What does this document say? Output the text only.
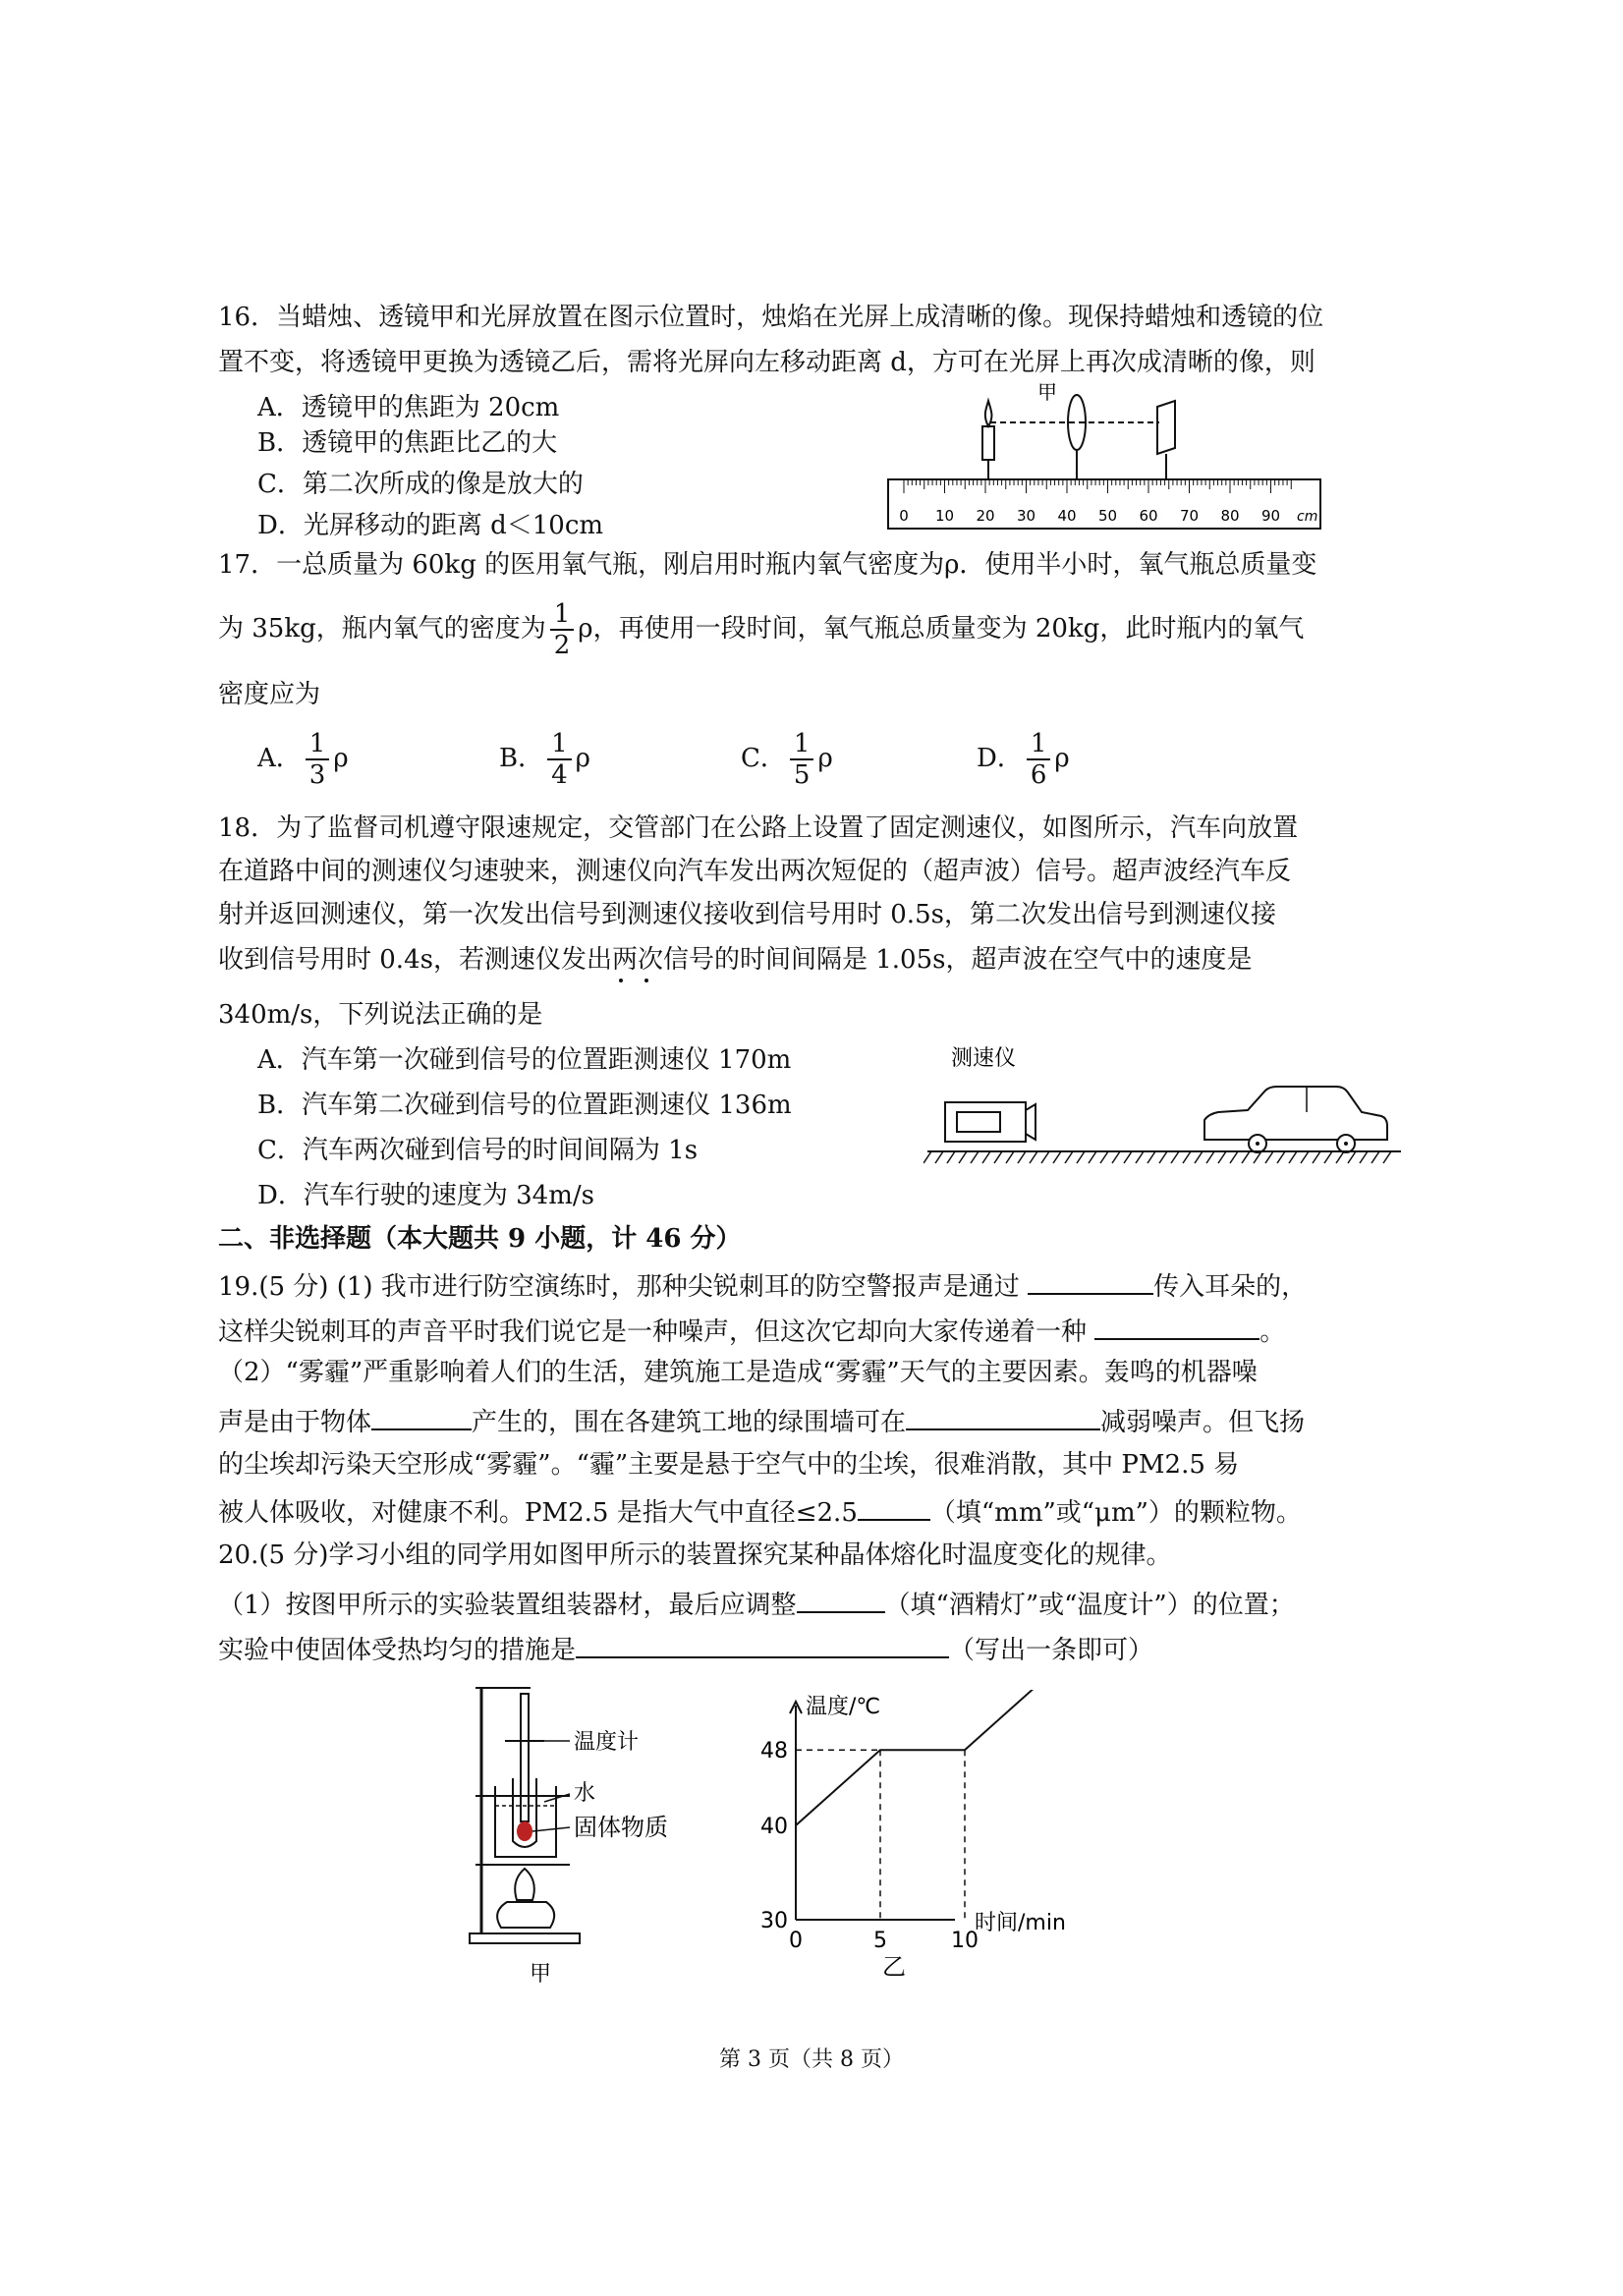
16．当蜡烛、透镜甲和光屏放置在图示位置时，烛焰在光屏上成清晰的像。现保持蜡烛和透镜的位
置不变，将透镜甲更换为透镜乙后，需将光屏向左移动距离 d，方可在光屏上再次成清晰的像，则
A．透镜甲的焦距为 20cm
B．透镜甲的焦距比乙的大
C．第二次所成的像是放大的
D．光屏移动的距离 d＜10cm
甲
0 10 20 30 40 50 60 70 80 90 cm
17．一总质量为 60kg 的医用氧气瓶，刚启用时瓶内氧气密度为ρ．使用半小时，氧气瓶总质量变
为 35kg，瓶内氧气的密度为 $\frac{1}{2}$ ρ，再使用一段时间，氧气瓶总质量变为 20kg，此时瓶内的氧气
密度应为
A． $\frac{1}{3}$ ρ	B． $\frac{1}{4}$ ρ	C． $\frac{1}{5}$ ρ	D． $\frac{1}{6}$ ρ
18．为了监督司机遵守限速规定，交管部门在公路上设置了固定测速仪，如图所示，汽车向放置
在道路中间的测速仪匀速驶来，测速仪向汽车发出两次短促的（超声波）信号。超声波经汽车反
射并返回测速仪，第一次发出信号到测速仪接收到信号用时 0.5s，第二次发出信号到测速仪接
收到信号用时 0.4s，若测速仪发出两次信号的时间间隔是 1.05s，超声波在空气中的速度是
340m/s，下列说法正确的是
A．汽车第一次碰到信号的位置距测速仪 170m
B．汽车第二次碰到信号的位置距测速仪 136m
C．汽车两次碰到信号的时间间隔为 1s
D．汽车行驶的速度为 34m/s
测速仪
二、非选择题（本大题共 9 小题，计 46 分）
19.(5 分) (1) 我市进行防空演练时，那种尖锐刺耳的防空警报声是通过	传入耳朵的，
这样尖锐刺耳的声音平时我们说它是一种噪声，但这次它却向大家传递着一种	。
（2）“雾霾”严重影响着人们的生活，建筑施工是造成“雾霾”天气的主要因素。轰鸣的机器噪
声是由于物体	产生的，围在各建筑工地的绿围墙可在	减弱噪声。但飞扬
的尘埃却污染天空形成“雾霾”。“霾”主要是悬于空气中的尘埃，很难消散，其中 PM2.5 易
被人体吸收，对健康不利。PM2.5 是指大气中直径≤2.5	（填“mm”或“μm”）的颗粒物。
20.(5 分)学习小组的同学用如图甲所示的装置探究某种晶体熔化时温度变化的规律。
（1）按图甲所示的实验装置组装器材，最后应调整	（填“酒精灯”或“温度计”）的位置；
实验中使固体受热均匀的措施是	（写出一条即可）
温度计
水
固体物质
甲
温度/℃
时间/min
30
40
48
0	5	10
乙
第 3 页（共 8 页）
